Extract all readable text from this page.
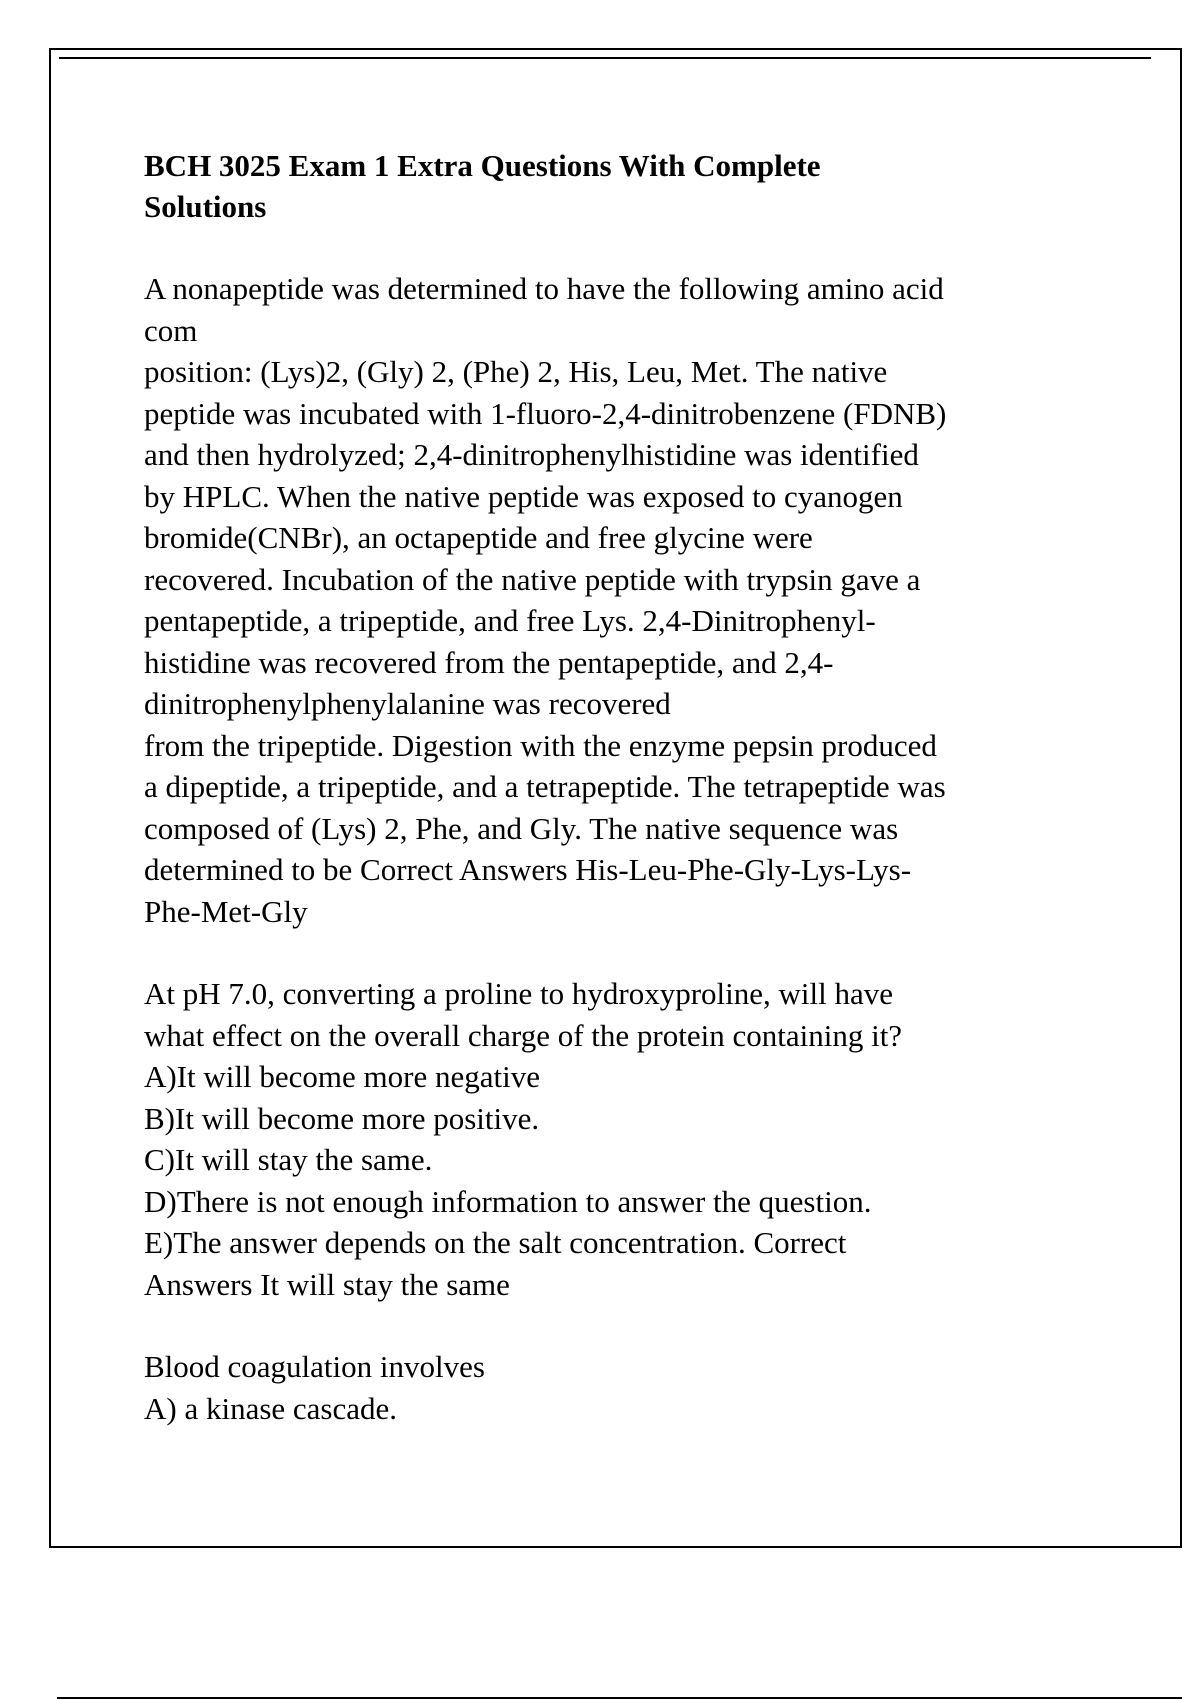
BCH 3025 Exam 1 Extra Questions With Complete
Solutions
A nonapeptide was determined to have the following amino acid
com
position: (Lys)2, (Gly) 2, (Phe) 2, His, Leu, Met. The native
peptide was incubated with 1-fluoro-2,4-dinitrobenzene (FDNB)
and then hydrolyzed; 2,4-dinitrophenylhistidine was identified
by HPLC. When the native peptide was exposed to cyanogen
bromide(CNBr), an octapeptide and free glycine were
recovered. Incubation of the native peptide with trypsin gave a
pentapeptide, a tripeptide, and free Lys. 2,4-Dinitrophenyl-
histidine was recovered from the pentapeptide, and 2,4-
dinitrophenylphenylalanine was recovered
from the tripeptide. Digestion with the enzyme pepsin produced
a dipeptide, a tripeptide, and a tetrapeptide. The tetrapeptide was
composed of (Lys) 2, Phe, and Gly. The native sequence was
determined to be Correct Answers His-Leu-Phe-Gly-Lys-Lys-
Phe-Met-Gly
At pH 7.0, converting a proline to hydroxyproline, will have
what effect on the overall charge of the protein containing it?
A)It will become more negative
B)It will become more positive.
C)It will stay the same.
D)There is not enough information to answer the question.
E)The answer depends on the salt concentration. Correct
Answers It will stay the same
Blood coagulation involves
A) a kinase cascade.
